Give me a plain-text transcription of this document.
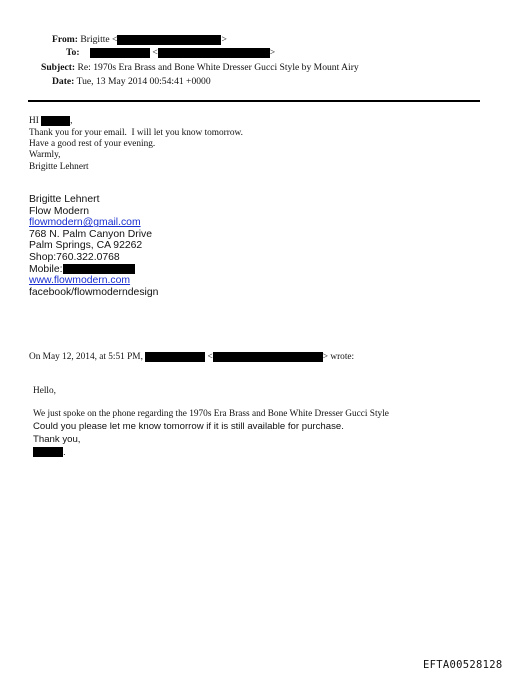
From: Brigitte <	>
To:	<	>
Subject: Re: 1970s Era Brass and Bone White Dresser Gucci Style by Mount Airy
Date: Tue, 13 May 2014 00:54:41 +0000
HI	,
Thank you for your email.  I will let you know tomorrow.
Have a good rest of your evening.
Warmly,
Brigitte Lehnert
Brigitte Lehnert
Flow Modern
flowmodern@gmail.com
768 N. Palm Canyon Drive
Palm Springs, CA 92262
Shop:760.322.0768
Mobile:
www.flowmodern.com
facebook/flowmoderndesign
On May 12, 2014, at 5:51 PM,	<	> wrote:
Hello,
We just spoke on the phone regarding the 1970s Era Brass and Bone White Dresser Gucci Style
Could you please let me know tomorrow if it is still available for purchase.
Thank you,
.
EFTA00528128
